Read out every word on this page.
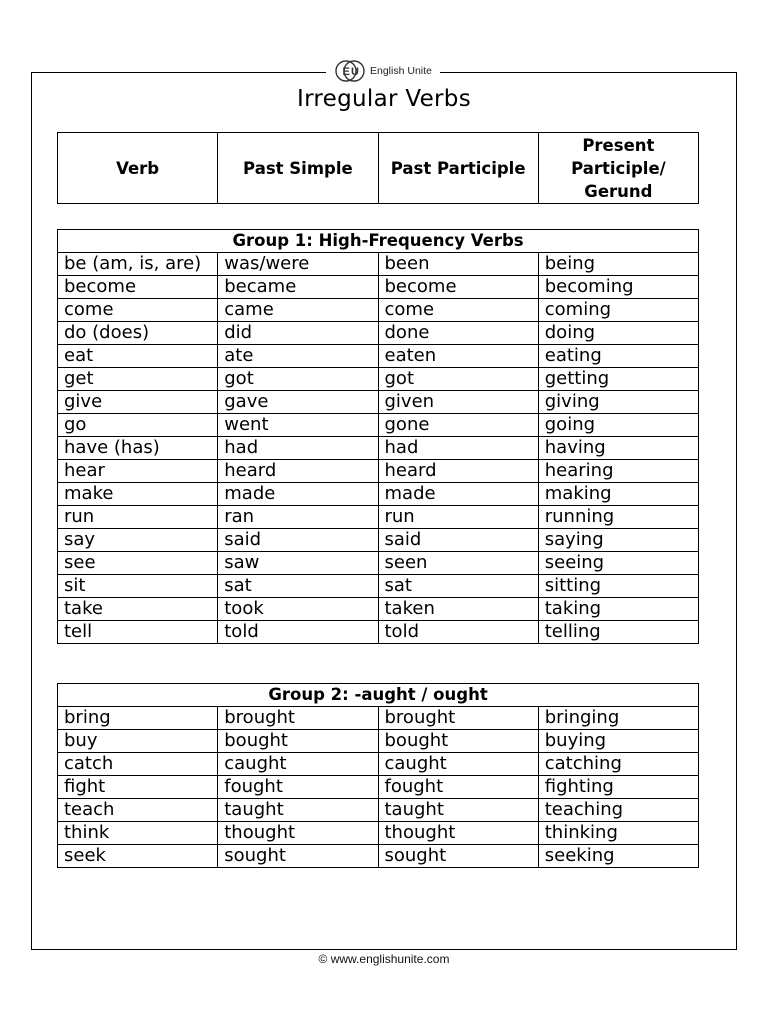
E U English Unite
Irregular Verbs
Verb	Past Simple	Past Participle	Present
Participle/
Gerund
Group 1: High-Frequency Verbs			
be (am, is, are)	was/were	been	being
become	became	become	becoming
come	came	come	coming
do (does)	did	done	doing
eat	ate	eaten	eating
get	got	got	getting
give	gave	given	giving
go	went	gone	going
have (has)	had	had	having
hear	heard	heard	hearing
make	made	made	making
run	ran	run	running
say	said	said	saying
see	saw	seen	seeing
sit	sat	sat	sitting
take	took	taken	taking
tell	told	told	telling
Group 2: -aught / ought			
bring	brought	brought	bringing
buy	bought	bought	buying
catch	caught	caught	catching
fight	fought	fought	fighting
teach	taught	taught	teaching
think	thought	thought	thinking
seek	sought	sought	seeking
© www.englishunite.com
